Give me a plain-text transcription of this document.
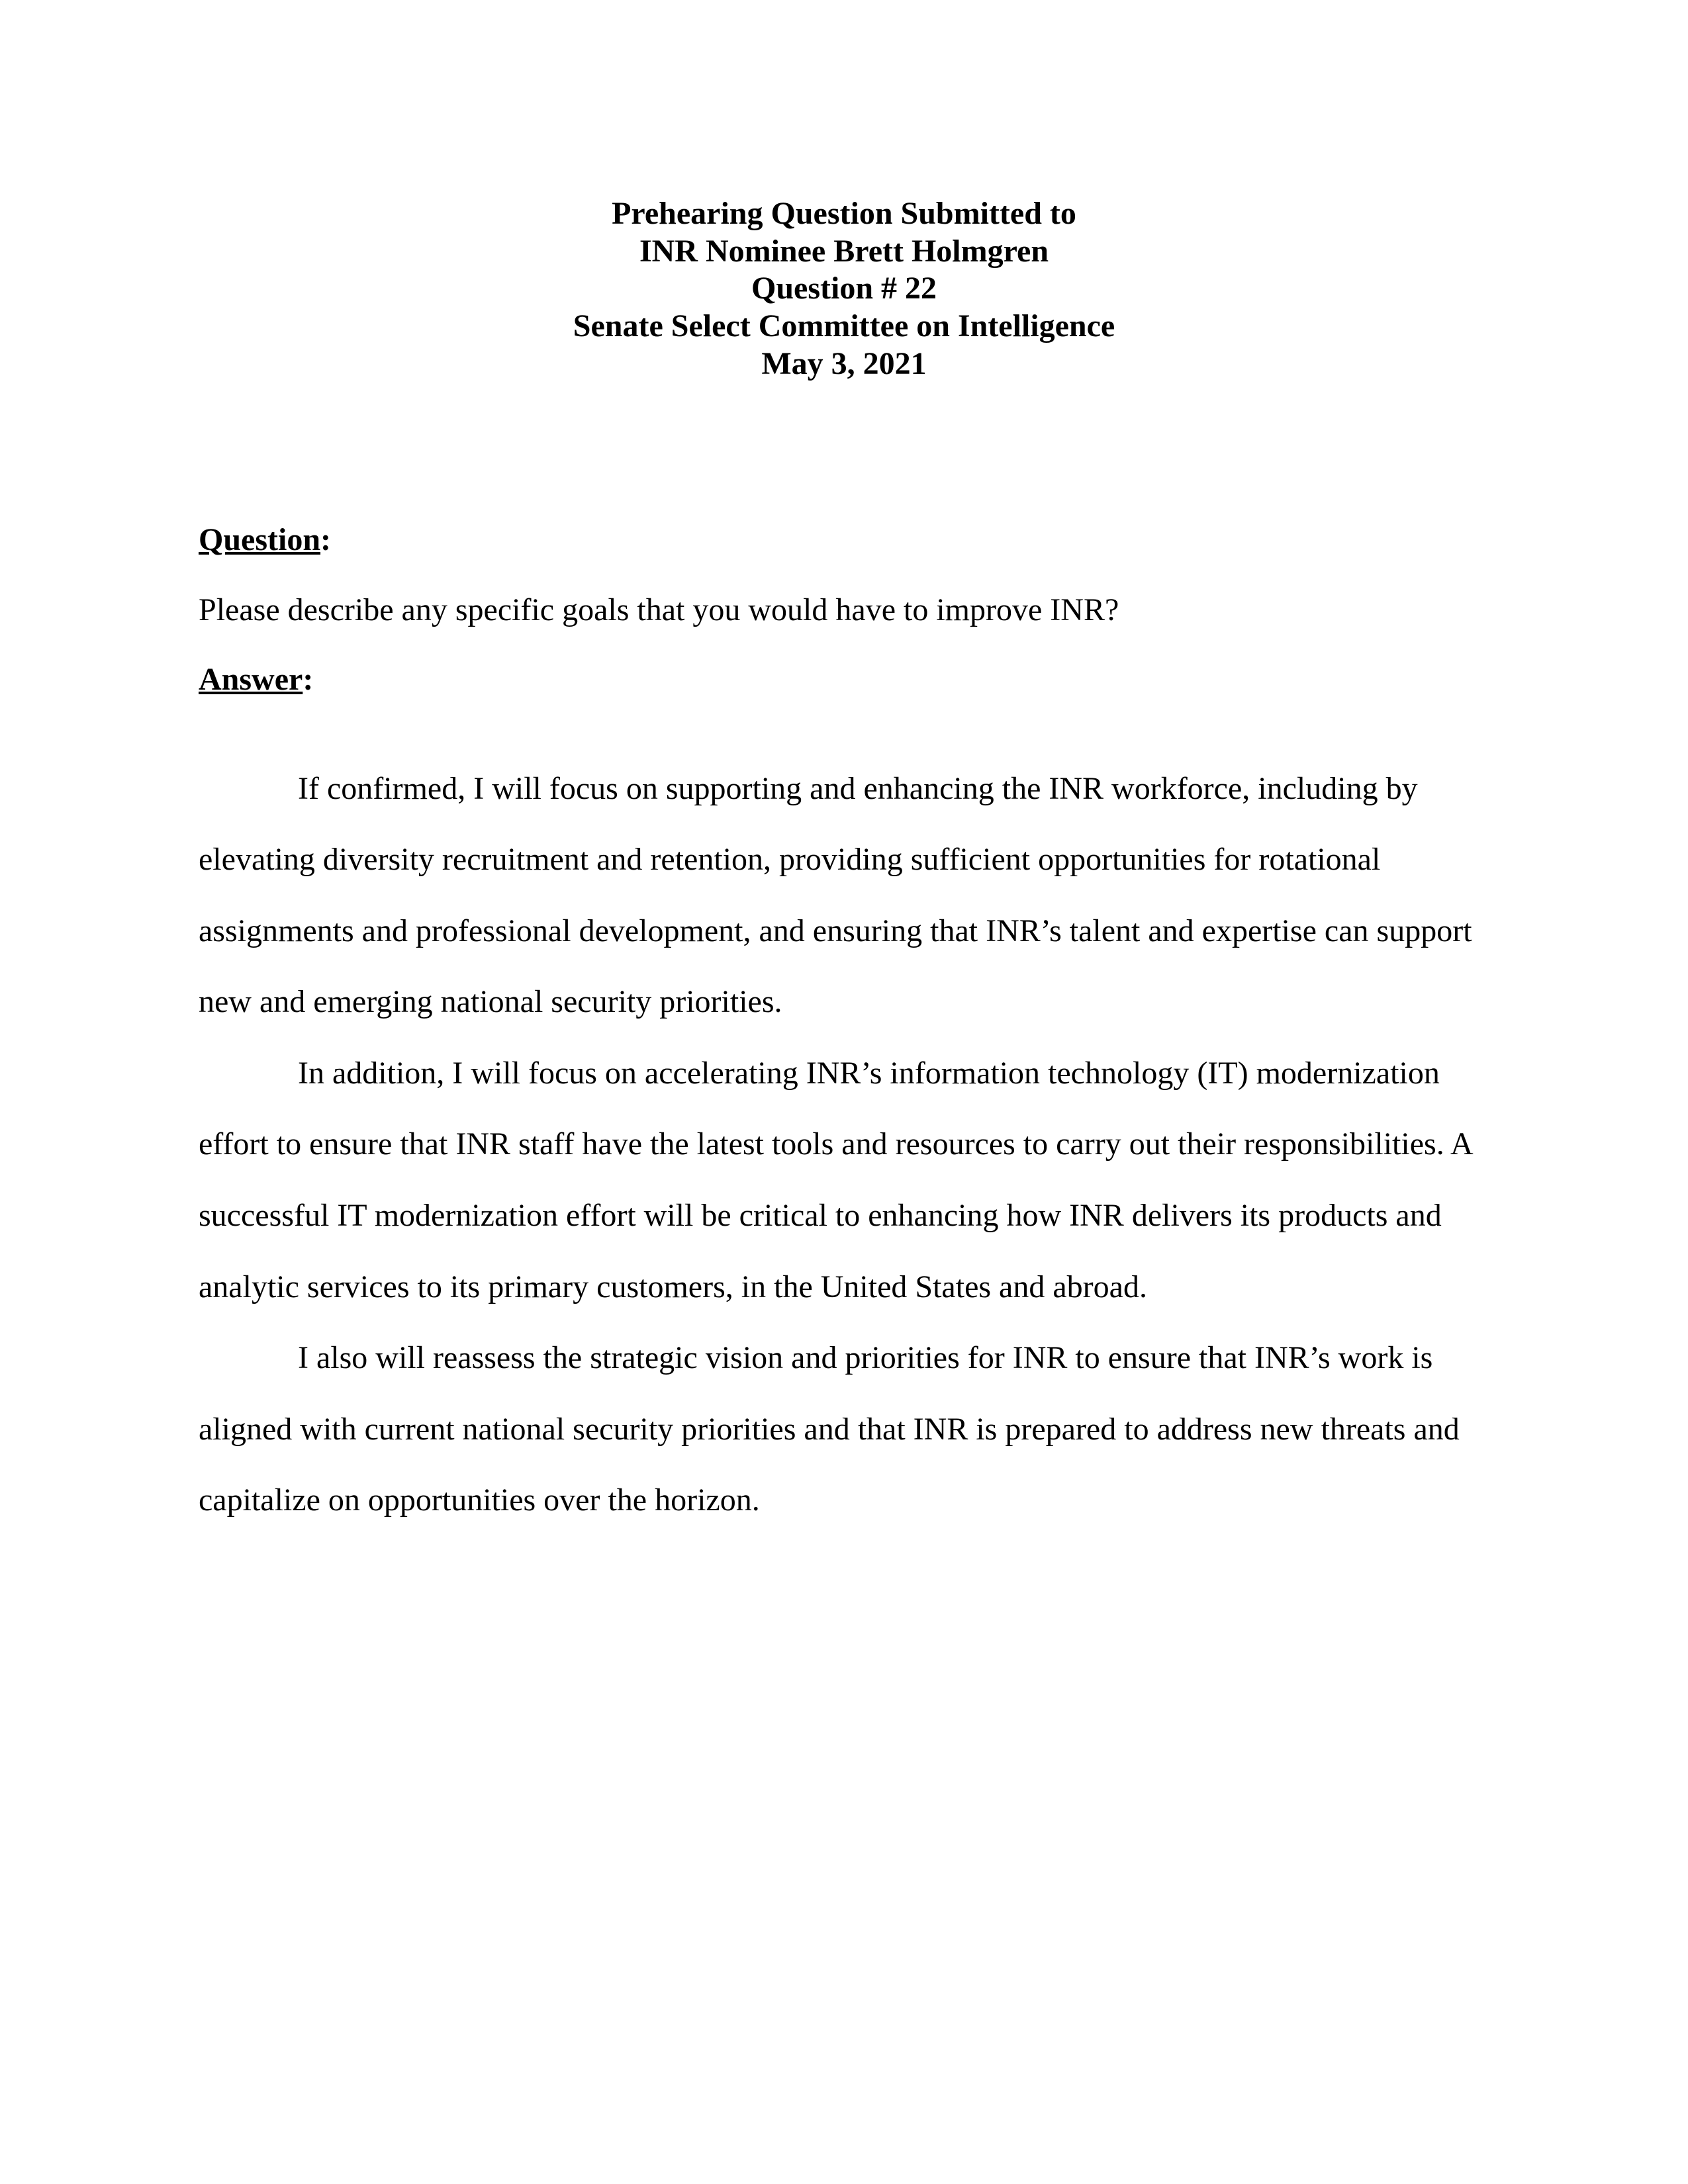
Prehearing Question Submitted to
INR Nominee Brett Holmgren
Question # 22
Senate Select Committee on Intelligence
May 3, 2021
Question:
Please describe any specific goals that you would have to improve INR?
Answer:

If confirmed, I will focus on supporting and enhancing the INR workforce, including by elevating diversity recruitment and retention, providing sufficient opportunities for rotational assignments and professional development, and ensuring that INR’s talent and expertise can support new and emerging national security priorities.

In addition, I will focus on accelerating INR’s information technology (IT) modernization effort to ensure that INR staff have the latest tools and resources to carry out their responsibilities. A successful IT modernization effort will be critical to enhancing how INR delivers its products and analytic services to its primary customers, in the United States and abroad.

I also will reassess the strategic vision and priorities for INR to ensure that INR’s work is aligned with current national security priorities and that INR is prepared to address new threats and capitalize on opportunities over the horizon.
